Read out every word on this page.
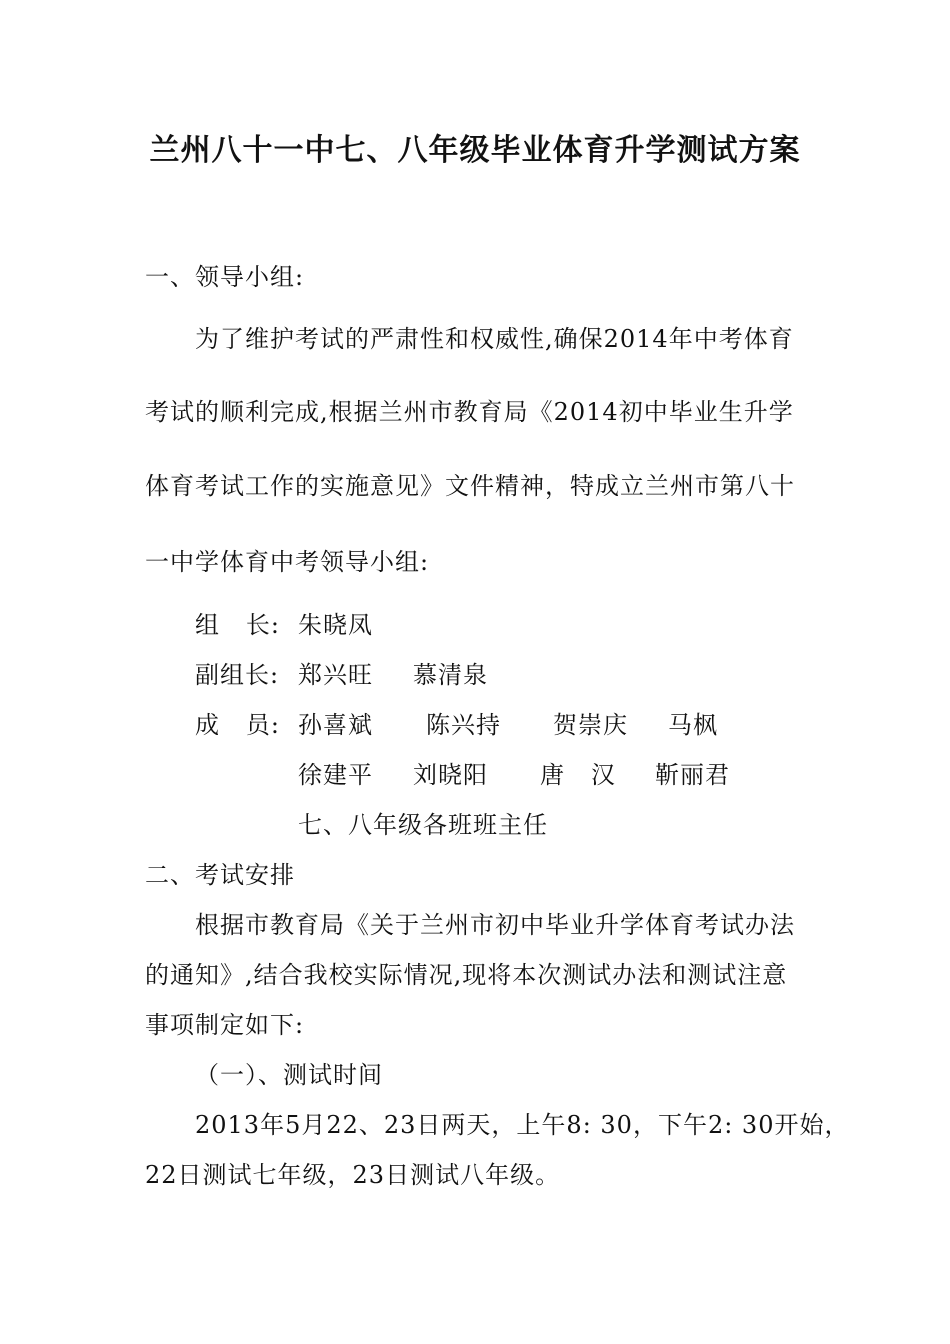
兰州八十一中七、八年级毕业体育升学测试方案
一、领导小组:
为了维护考试的严肃性和权威性,确保2014年中考体育
考试的顺利完成,根据兰州市教育局《2014初中毕业生升学
体育考试工作的实施意见》文件精神，特成立兰州市第八十
一中学体育中考领导小组:
组   长: 朱晓凤
副组长: 郑兴旺 慕清泉
成   员: 孙喜斌 陈兴持 贺崇庆 马枫
徐建平 刘晓阳 唐   汉 靳丽君
七、八年级各班班主任
二、考试安排
根据市教育局《关于兰州市初中毕业升学体育考试办法
的通知》,结合我校实际情况,现将本次测试办法和测试注意
事项制定如下:
（一）、测试时间
2013年5月22、23日两天，上午8: 30，下午2: 30开始，
22日测试七年级，23日测试八年级。
